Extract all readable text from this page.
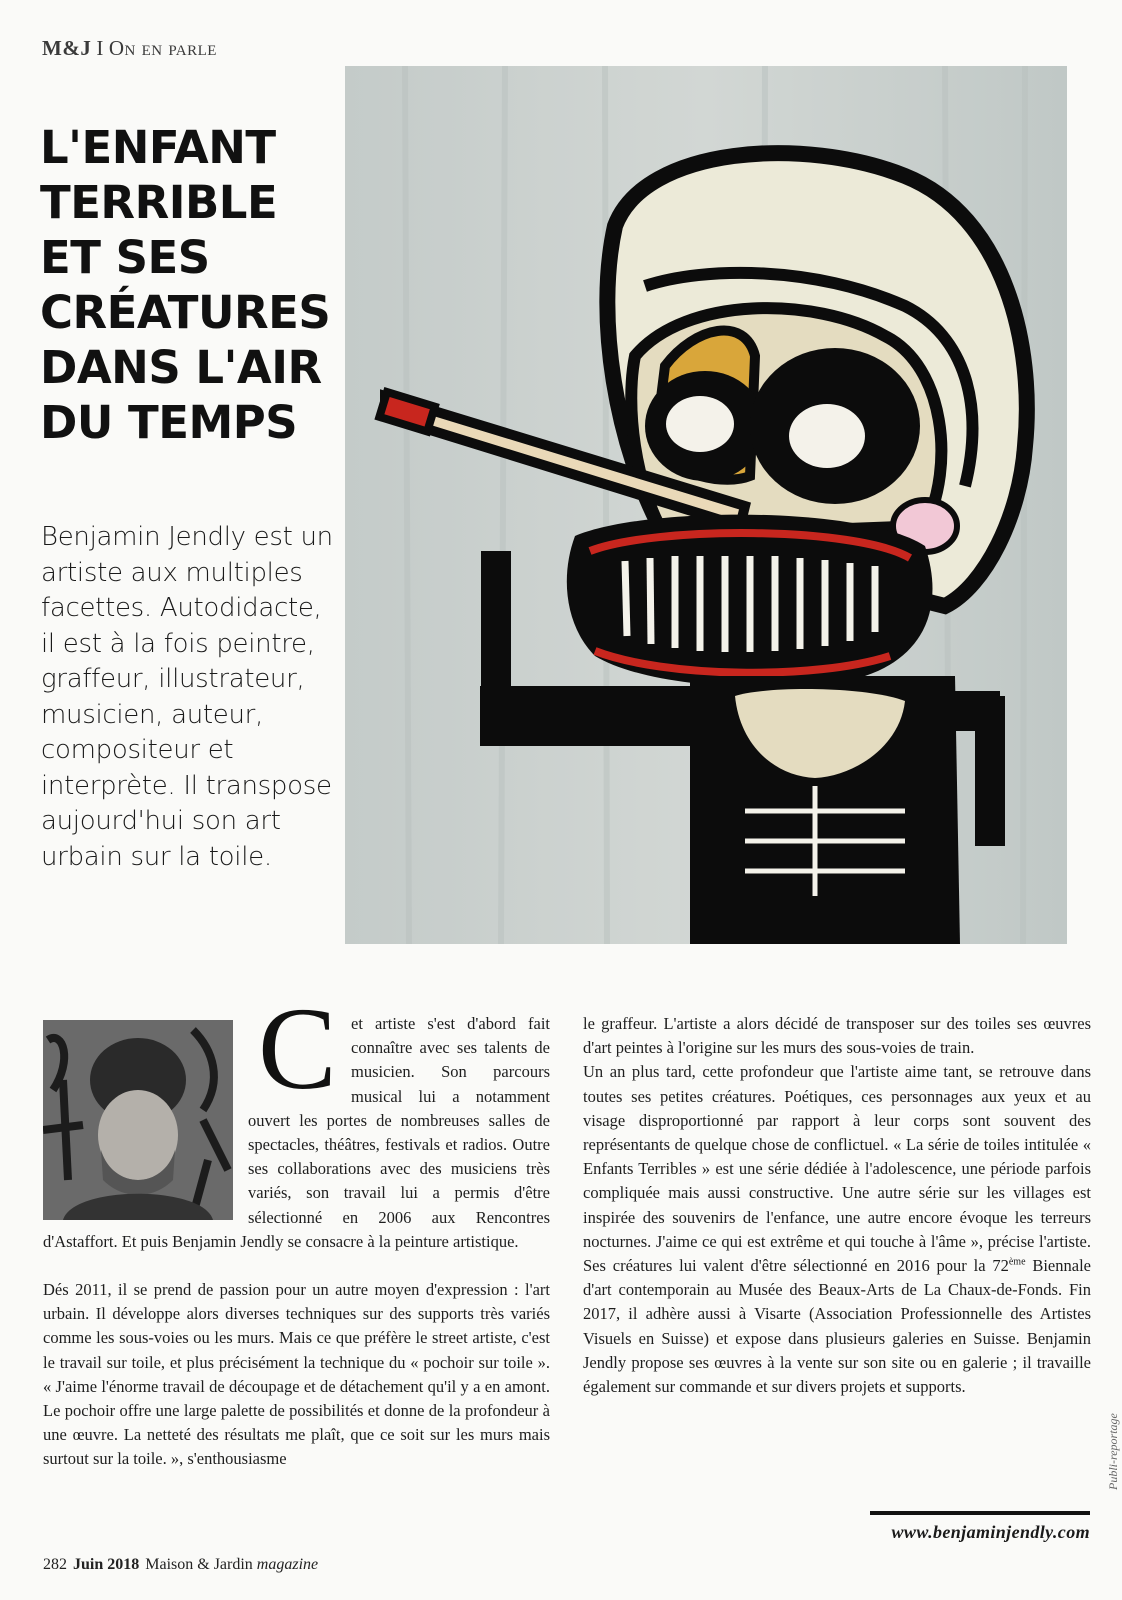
M&J I On en parle
L'ENFANT
TERRIBLE
ET SES
CRÉATURES
DANS L'AIR
DU TEMPS

Benjamin Jendly est un artiste aux multiples facettes. Autodidacte, il est à la fois peintre, graffeur, illustrateur, musicien, auteur, compositeur et interprète. Il transpose aujourd'hui son art urbain sur la toile.

C et artiste s'est d'abord fait connaître avec ses talents de musicien. Son parcours musical lui a notamment ouvert les portes de nombreuses salles de spectacles, théâtres, festivals et radios. Outre ses collaborations avec des musiciens très variés, son travail lui a permis d'être sélectionné en 2006 aux Rencontres d'Astaffort. Et puis Benjamin Jendly se consacre à la peinture artistique.

Dés 2011, il se prend de passion pour un autre moyen d'expression : l'art urbain. Il développe alors diverses techniques sur des supports très variés comme les sous-voies ou les murs. Mais ce que préfère le street artiste, c'est le travail sur toile, et plus précisément la technique du « pochoir sur toile ». « J'aime l'énorme travail de découpage et de détachement qu'il y a en amont. Le pochoir offre une large palette de possibilités et donne de la profondeur à une œuvre. La netteté des résultats me plaît, que ce soit sur les murs mais surtout sur la toile. », s'enthousiasme

le graffeur. L'artiste a alors décidé de transposer sur des toiles ses œuvres d'art peintes à l'origine sur les murs des sous-voies de train.

Un an plus tard, cette profondeur que l'artiste aime tant, se retrouve dans toutes ses petites créatures. Poétiques, ces personnages aux yeux et au visage disproportionné par rapport à leur corps sont souvent des représentants de quelque chose de conflictuel. « La série de toiles intitulée « Enfants Terribles » est une série dédiée à l'adolescence, une période parfois compliquée mais aussi constructive. Une autre série sur les villages est inspirée des souvenirs de l'enfance, une autre encore évoque les terreurs nocturnes. J'aime ce qui est extrême et qui touche à l'âme », précise l'artiste. Ses créatures lui valent d'être sélectionné en 2016 pour la 72ème Biennale d'art contemporain au Musée des Beaux-Arts de La Chaux-de-Fonds. Fin 2017, il adhère aussi à Visarte (Association Professionnelle des Artistes Visuels en Suisse) et expose dans plusieurs galeries en Suisse. Benjamin Jendly propose ses œuvres à la vente sur son site ou en galerie ; il travaille également sur commande et sur divers projets et supports.

www.benjaminjendly.com
Publi-reportage
282 Juin 2018 Maison & Jardin magazine
